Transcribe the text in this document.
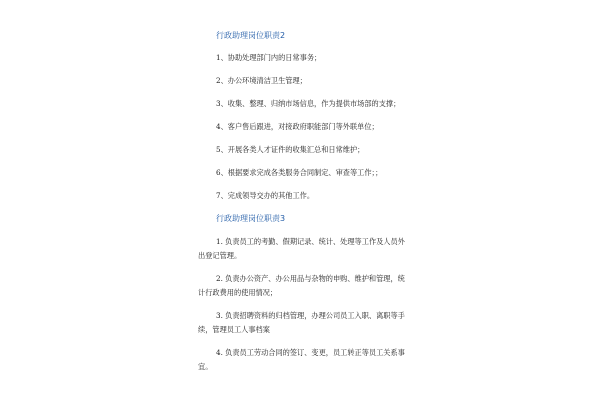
行政助理岗位职责2
1、协助处理部门内的日常事务；
2、办公环境清洁卫生管理；
3、收集、整理、归纳市场信息，作为提供市场部的支撑；
4、客户售后跟进，对接政府职能部门等外联单位；
5、开展各类人才证件的收集汇总和日常维护；
6、根据要求完成各类服务合同制定、审查等工作；；
7、完成领导交办的其他工作。
行政助理岗位职责3
1. 负责员工的考勤、假期记录、统计、处理等工作及人员外出登记管理。
2. 负责办公资产、办公用品与杂物的申购、维护和管理，统计行政费用的使用情况；
3. 负责招聘资料的归档管理，办理公司员工入职、离职等手续，管理员工人事档案
4. 负责员工劳动合同的签订、变更，员工转正等员工关系事宜。
